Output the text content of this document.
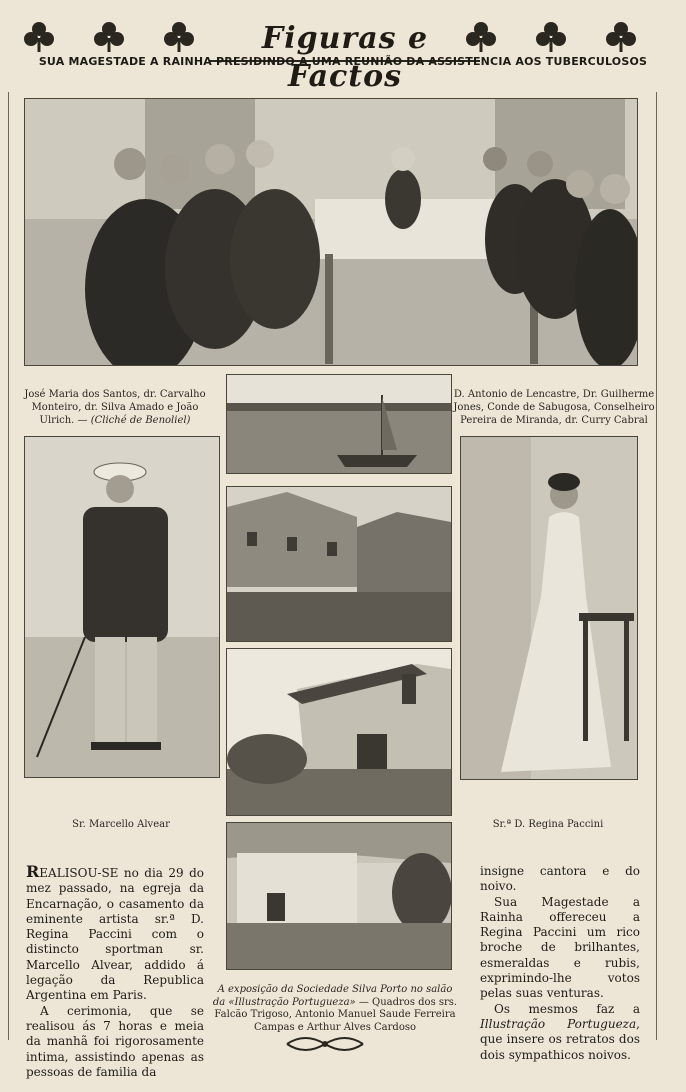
Figuras e Factos
SUA MAGESTADE A RAINHA PRESIDINDO A UMA REUNIÃO DA ASSISTENCIA AOS TUBERCULOSOS
José Maria dos Santos, dr. Carvalho Monteiro, dr. Silva Amado e João Ulrich. — (Cliché de Benoliel)
D. Antonio de Lencastre, Dr. Guilherme Jones, Conde de Sabugosa, Conselheiro Pereira de Miranda, dr. Curry Cabral
Sr. Marcello Alvear	Sr.ª D. Regina Paccini
A exposição da Sociedade Silva Porto no salão da «Illustração Portugueza» — Quadros dos srs. Falcão Trigoso, Antonio Manuel Saude Ferreira Campas e Arthur Alves Cardoso

REALISOU-SE no dia 29 do mez passado, na egreja da Encarnação, o casamento da eminente artista sr.ª D. Regina Paccini com o distincto sportman sr. Marcello Alvear, addido á legação da Republica Argentina em Paris.

A cerimonia, que se realisou ás 7 horas e meia da manhã foi rigorosamente intima, assistindo apenas as pessoas de familia da

insigne cantora e do noivo.

Sua Magestade a Rainha offereceu a Regina Paccini um rico broche de brilhantes, esmeraldas e rubis, exprimindo-lhe votos pelas suas venturas.

Os mesmos faz a Illustração Portugueza, que insere os retratos dos dois sympathicos noivos.
